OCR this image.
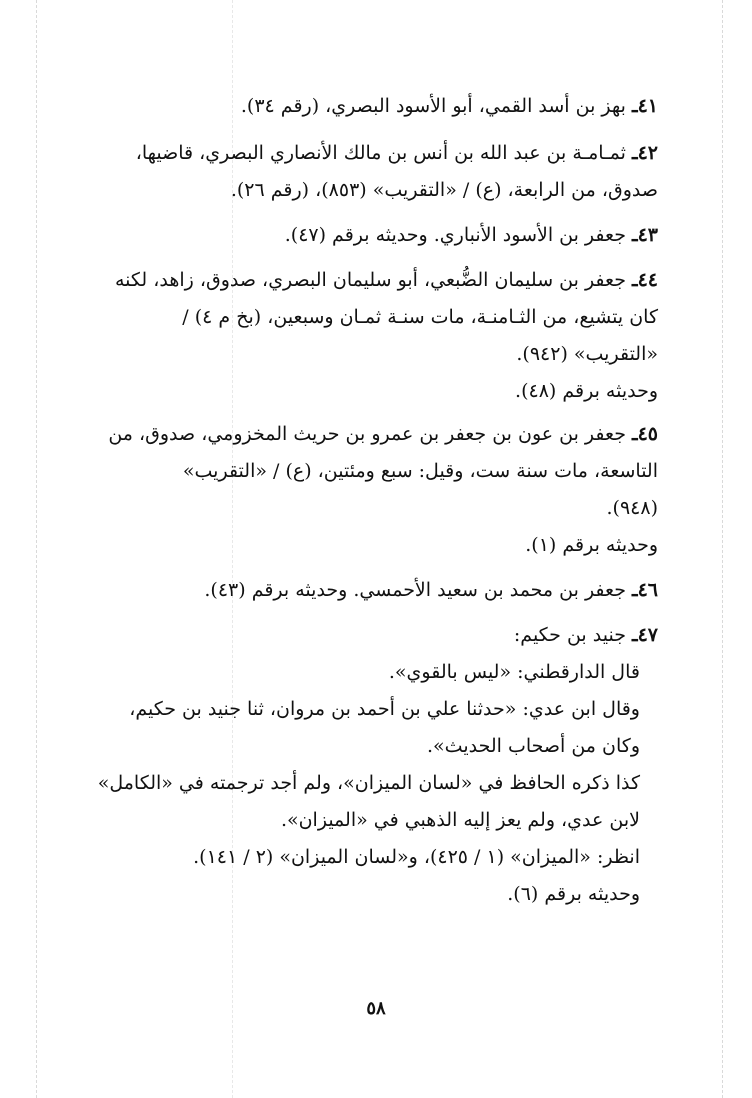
٤١ـ بهز بن أسد القمي، أبو الأسود البصري، (رقم ٣٤).
٤٢ـ ثمـامـة بن عبد الله بن أنس بن مالك الأنصاري البصري، قاضيها،
صدوق، من الرابعة، (ع) / «التقريب» (٨٥٣)، (رقم ٢٦).
٤٣ـ جعفر بن الأسود الأنباري. وحديثه برقم (٤٧).
٤٤ـ جعفر بن سليمان الضُّبعي، أبو سليمان البصري، صدوق، زاهد، لكنه
كان يتشيع، من الثـامنـة، مات سنـة ثمـان وسبعين، (بخ م ٤) /
«التقريب» (٩٤٢).
وحديثه برقم (٤٨).
٤٥ـ جعفر بن عون بن جعفر بن عمرو بن حريث المخزومي، صدوق، من
التاسعة، مات سنة ست، وقيل: سبع ومئتين، (ع) / «التقريب»
(٩٤٨).
وحديثه برقم (١).
٤٦ـ جعفر بن محمد بن سعيد الأحمسي. وحديثه برقم (٤٣).
٤٧ـ جنيد بن حكيم:
قال الدارقطني: «ليس بالقوي».
وقال ابن عدي: «حدثنا علي بن أحمد بن مروان، ثنا جنيد بن حكيم،
وكان من أصحاب الحديث».
كذا ذكره الحافظ في «لسان الميزان»، ولم أجد ترجمته في «الكامل»
لابن عدي، ولم يعز إليه الذهبي في «الميزان».
انظر: «الميزان» (١ / ٤٢٥)، و«لسان الميزان» (٢ / ١٤١).
وحديثه برقم (٦).
٥٨
